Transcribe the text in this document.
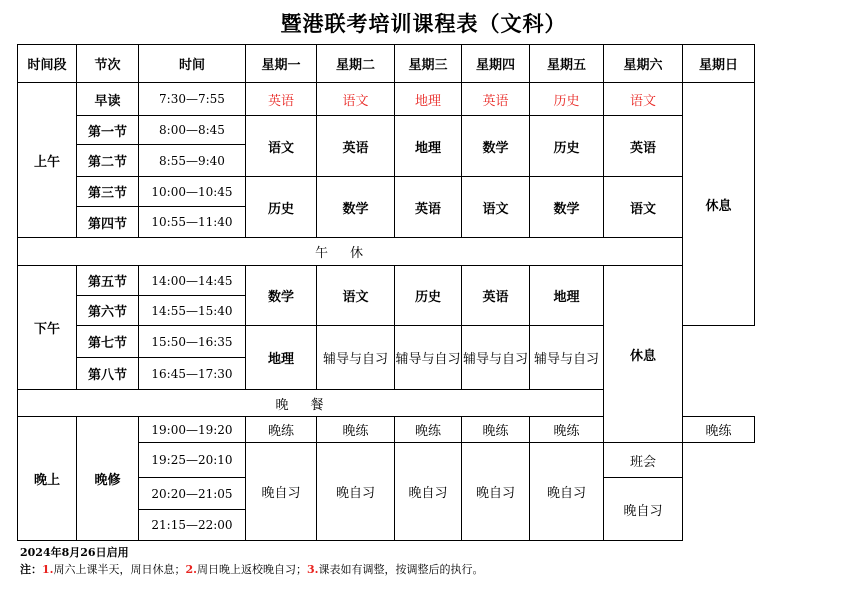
暨港联考培训课程表（文科）
时间段	节次	时间	星期一	星期二	星期三	星期四	星期五	星期六	星期日
上午	早读	7:30—7:55	英语	语文	地理	英语	历史	语文	休息
	第一节	8:00—8:45	语文	英语	地理	数学	历史	英语	
	第二节	8:55—9:40							
	第三节	10:00—10:45	历史	数学	英语	语文	数学	语文	
	第四节	10:55—11:40							
午休									
下午	第五节	14:00—14:45	数学	语文	历史	英语	地理	休息	
	第六节	14:55—15:40							
	第七节	15:50—16:35	地理	辅导与自习	辅导与自习	辅导与自习	辅导与自习		
	第八节	16:45—17:30							
晚餐									
晚上	晚修	19:00—19:20	晚练	晚练	晚练	晚练	晚练		晚练
		19:25—20:10	晚自习	晚自习	晚自习	晚自习	晚自习	班会	
		20:20—21:05						晚自习	
		21:15—22:00							
2024年8月26日启用
注：1.周六上课半天，周日休息；2.周日晚上返校晚自习；3.课表如有调整，按调整后的执行。
